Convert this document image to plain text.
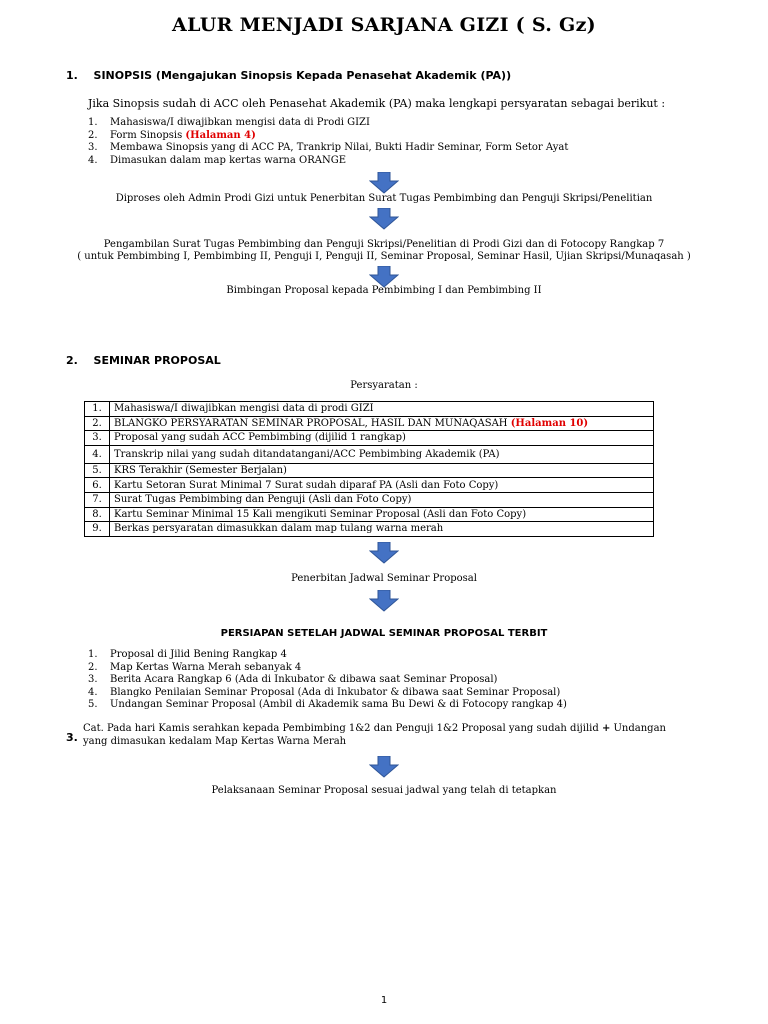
ALUR MENJADI SARJANA GIZI ( S. Gz)
1. SINOPSIS (Mengajukan Sinopsis Kepada Penasehat Akademik (PA))
Jika Sinopsis sudah di ACC oleh Penasehat Akademik (PA) maka lengkapi persyaratan sebagai berikut :
1. Mahasiswa/I diwajibkan mengisi data di Prodi GIZI
2. Form Sinopsis (Halaman 4)
3. Membawa Sinopsis yang di ACC PA, Trankrip Nilai, Bukti Hadir Seminar, Form Setor Ayat
4. Dimasukan dalam map kertas warna ORANGE
Diproses oleh Admin Prodi Gizi untuk Penerbitan Surat Tugas Pembimbing dan Penguji Skripsi/Penelitian
Pengambilan Surat Tugas Pembimbing dan Penguji Skripsi/Penelitian di Prodi Gizi dan di Fotocopy Rangkap 7
( untuk Pembimbing I, Pembimbing II, Penguji I, Penguji II, Seminar Proposal, Seminar Hasil, Ujian Skripsi/Munaqasah )
Bimbingan Proposal kepada Pembimbing I dan Pembimbing II
2. SEMINAR PROPOSAL
Persyaratan :
1.	Mahasiswa/I diwajibkan mengisi data di prodi GIZI
2.	BLANGKO PERSYARATAN SEMINAR PROPOSAL, HASIL DAN MUNAQASAH (Halaman 10)
3.	Proposal yang sudah ACC Pembimbing (dijilid 1 rangkap)
4.	Transkrip nilai yang sudah ditandatangani/ACC Pembimbing Akademik (PA)
5.	KRS Terakhir (Semester Berjalan)
6.	Kartu Setoran Surat Minimal 7 Surat sudah diparaf PA (Asli dan Foto Copy)
7.	Surat Tugas Pembimbing dan Penguji (Asli dan Foto Copy)
8.	Kartu Seminar Minimal 15 Kali mengikuti Seminar Proposal (Asli dan Foto Copy)
9.	Berkas persyaratan dimasukkan dalam map tulang warna merah
Penerbitan Jadwal Seminar Proposal
PERSIAPAN SETELAH JADWAL SEMINAR PROPOSAL TERBIT
1. Proposal di Jilid Bening Rangkap 4
2. Map Kertas Warna Merah sebanyak 4
3. Berita Acara Rangkap 6 (Ada di Inkubator & dibawa saat Seminar Proposal)
4. Blangko Penilaian Seminar Proposal (Ada di Inkubator & dibawa saat Seminar Proposal)
5. Undangan Seminar Proposal (Ambil di Akademik sama Bu Dewi & di Fotocopy rangkap 4)
3.
Cat. Pada hari Kamis serahkan kepada Pembimbing 1&2 dan Penguji 1&2 Proposal yang sudah dijilid + Undangan
yang dimasukan kedalam Map Kertas Warna Merah
Pelaksanaan Seminar Proposal sesuai jadwal yang telah di tetapkan
1
